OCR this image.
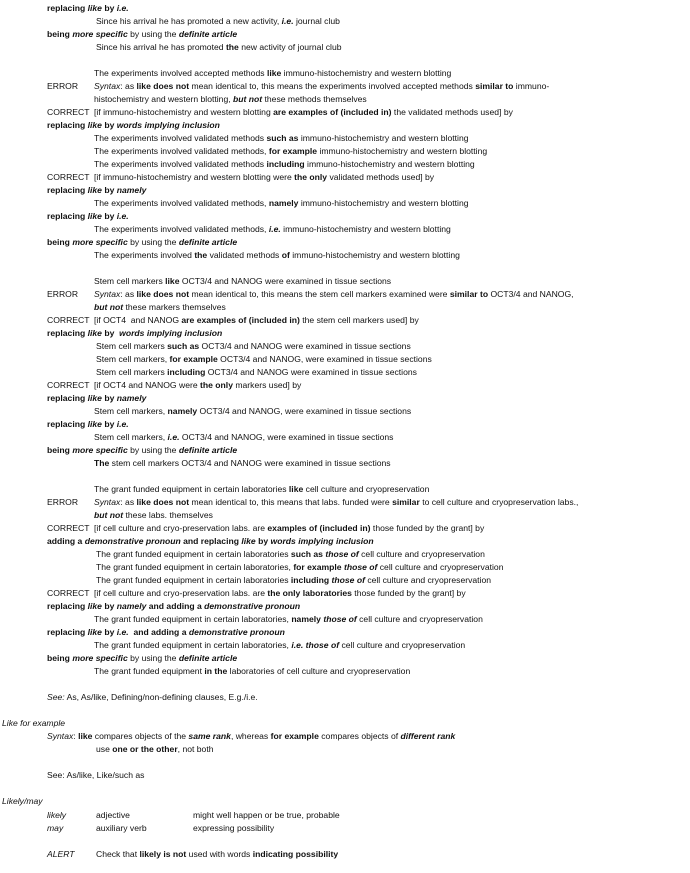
replacing like by i.e.
Since his arrival he has promoted a new activity, i.e. journal club
being more specific by using the definite article
Since his arrival he has promoted the new activity of journal club
The experiments involved accepted methods like immuno-histochemistry and western blotting
ERROR Syntax: as like does not mean identical to, this means the experiments involved accepted methods similar to immuno-
histochemistry and western blotting, but not these methods themselves
CORRECT [if immuno-histochemistry and western blotting are examples of (included in) the validated methods used] by
replacing like by words implying inclusion
The experiments involved validated methods such as immuno-histochemistry and western blotting
The experiments involved validated methods, for example immuno-histochemistry and western blotting
The experiments involved validated methods including immuno-histochemistry and western blotting
CORRECT [if immuno-histochemistry and western blotting were the only validated methods used] by
replacing like by namely
The experiments involved validated methods, namely immuno-histochemistry and western blotting
replacing like by i.e.
The experiments involved validated methods, i.e. immuno-histochemistry and western blotting
being more specific by using the definite article
The experiments involved the validated methods of immuno-histochemistry and western blotting
Stem cell markers like OCT3/4 and NANOG were examined in tissue sections
ERROR Syntax: as like does not mean identical to, this means the stem cell markers examined were similar to OCT3/4 and NANOG,
but not these markers themselves
CORRECT [if OCT4  and NANOG are examples of (included in) the stem cell markers used] by
replacing like by  words implying inclusion
Stem cell markers such as OCT3/4 and NANOG were examined in tissue sections
Stem cell markers, for example OCT3/4 and NANOG, were examined in tissue sections
Stem cell markers including OCT3/4 and NANOG were examined in tissue sections
CORRECT [if OCT4 and NANOG were the only markers used] by
replacing like by namely
Stem cell markers, namely OCT3/4 and NANOG, were examined in tissue sections
replacing like by i.e.
Stem cell markers, i.e. OCT3/4 and NANOG, were examined in tissue sections
being more specific by using the definite article
The stem cell markers OCT3/4 and NANOG were examined in tissue sections
The grant funded equipment in certain laboratories like cell culture and cryopreservation
ERROR Syntax: as like does not mean identical to, this means that labs. funded were similar to cell culture and cryopreservation labs.,
but not these labs. themselves
CORRECT [if cell culture and cryo-preservation labs. are examples of (included in) those funded by the grant] by
adding a demonstrative pronoun and replacing like by words implying inclusion
The grant funded equipment in certain laboratories such as those of cell culture and cryopreservation
The grant funded equipment in certain laboratories, for example those of cell culture and cryopreservation
The grant funded equipment in certain laboratories including those of cell culture and cryopreservation
CORRECT [if cell culture and cryo-preservation labs. are the only laboratories those funded by the grant] by
replacing like by namely and adding a demonstrative pronoun
The grant funded equipment in certain laboratories, namely those of cell culture and cryopreservation
replacing like by i.e.  and adding a demonstrative pronoun
The grant funded equipment in certain laboratories, i.e. those of cell culture and cryopreservation
being more specific by using the definite article
The grant funded equipment in the laboratories of cell culture and cryopreservation
See: As, As/like, Defining/non-defining clauses, E.g./i.e.
Like for example
Syntax: like compares objects of the same rank, whereas for example compares objects of different rank
use one or the other, not both
See: As/like, Like/such as
Likely/may
likely	adjective	might well happen or be true, probable
may	auxiliary verb	expressing possibility
ALERT Check that likely is not used with words indicating possibility
